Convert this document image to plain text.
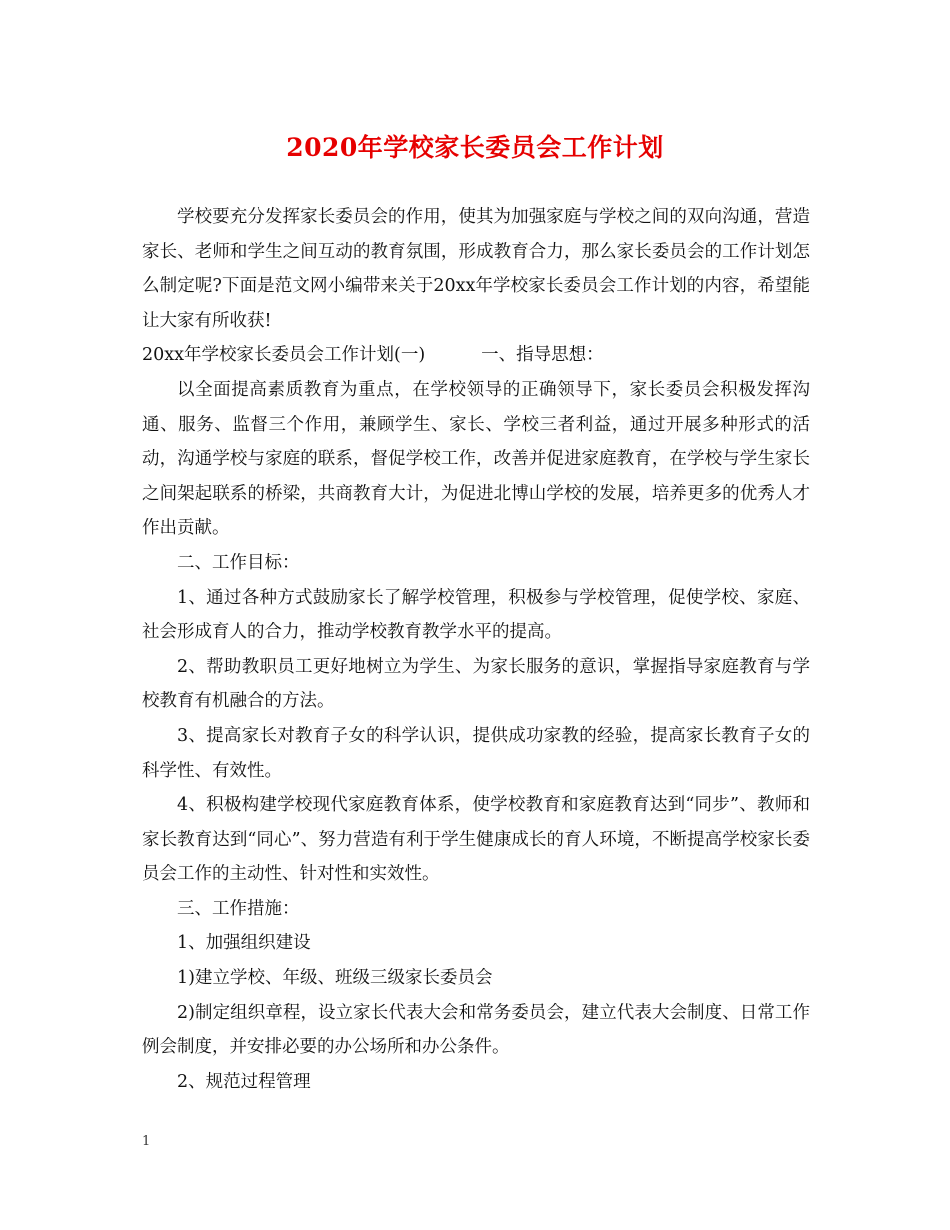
2020年学校家长委员会工作计划

学校要充分发挥家长委员会的作用，使其为加强家庭与学校之间的双向沟通，营造家长、老师和学生之间互动的教育氛围，形成教育合力，那么家长委员会的工作计划怎么制定呢?下面是范文网小编带来关于20xx年学校家长委员会工作计划的内容，希望能让大家有所收获!

20xx年学校家长委员会工作计划(一)	一、指导思想：

以全面提高素质教育为重点，在学校领导的正确领导下，家长委员会积极发挥沟通、服务、监督三个作用，兼顾学生、家长、学校三者利益，通过开展多种形式的活动，沟通学校与家庭的联系，督促学校工作，改善并促进家庭教育，在学校与学生家长之间架起联系的桥梁，共商教育大计，为促进北博山学校的发展，培养更多的优秀人才作出贡献。

二、工作目标：

1、通过各种方式鼓励家长了解学校管理，积极参与学校管理，促使学校、家庭、社会形成育人的合力，推动学校教育教学水平的提高。

2、帮助教职员工更好地树立为学生、为家长服务的意识，掌握指导家庭教育与学校教育有机融合的方法。

3、提高家长对教育子女的科学认识，提供成功家教的经验，提高家长教育子女的科学性、有效性。

4、积极构建学校现代家庭教育体系，使学校教育和家庭教育达到“同步”、教师和家长教育达到“同心”、努力营造有利于学生健康成长的育人环境，不断提高学校家长委员会工作的主动性、针对性和实效性。

三、工作措施：

1、加强组织建设

1)建立学校、年级、班级三级家长委员会

2)制定组织章程，设立家长代表大会和常务委员会，建立代表大会制度、日常工作例会制度，并安排必要的办公场所和办公条件。

2、规范过程管理

1
